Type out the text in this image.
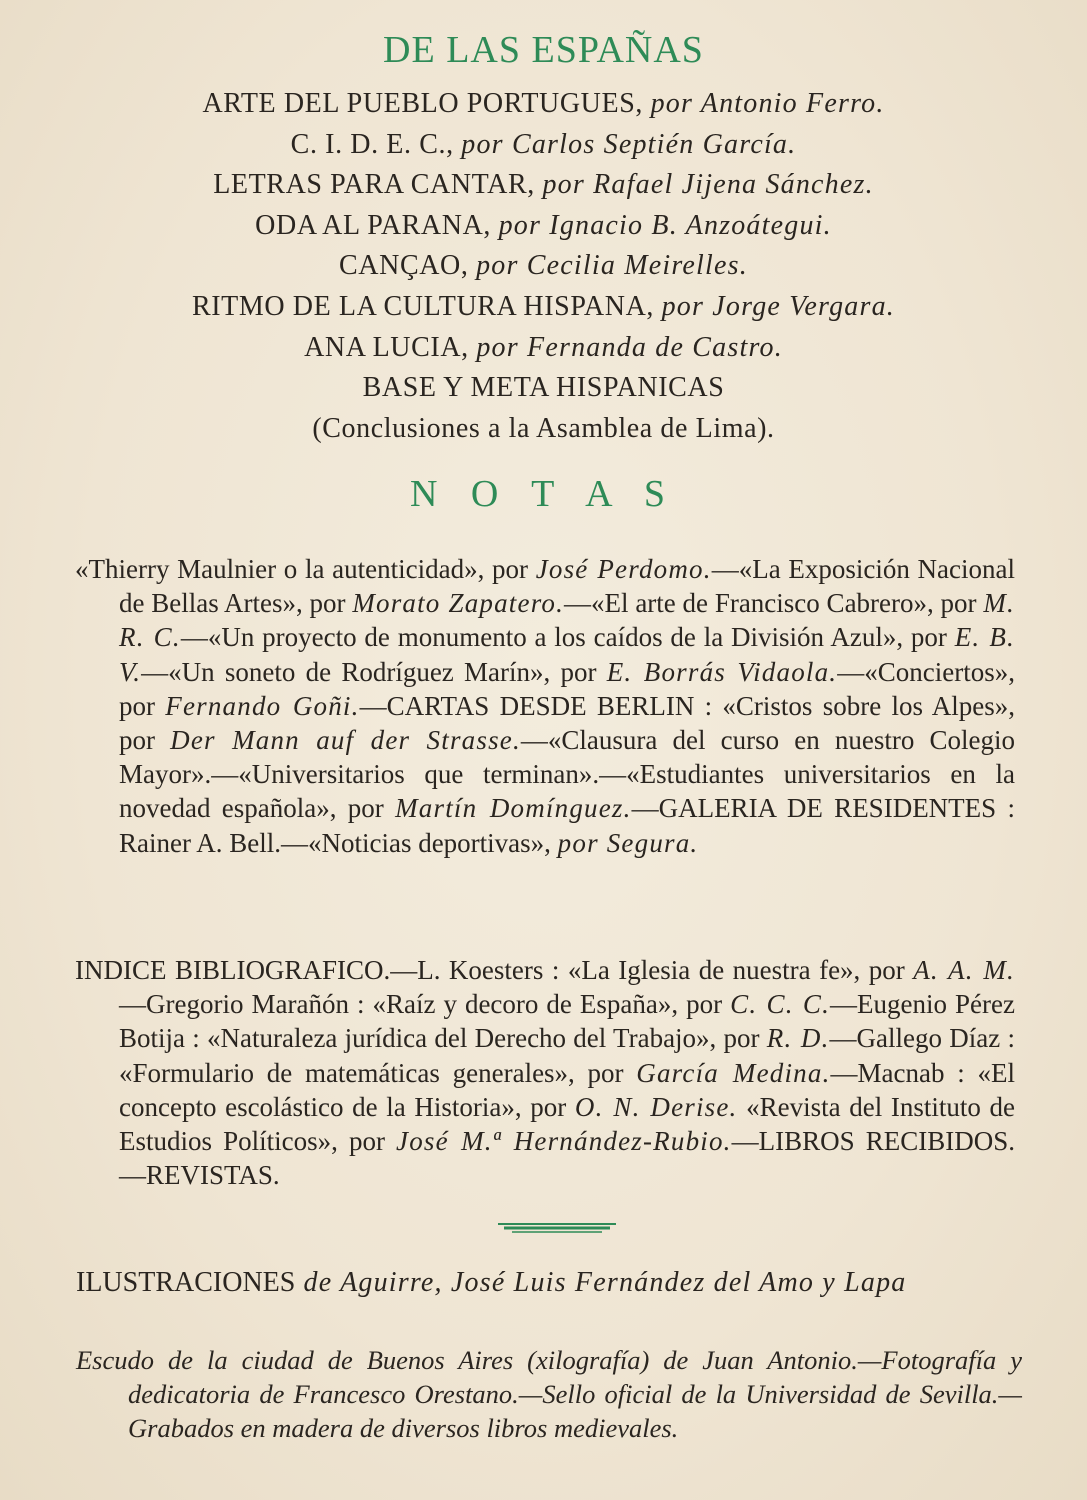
DE LAS ESPAÑAS
ARTE DEL PUEBLO PORTUGUES, por Antonio Ferro.
C. I. D. E. C., por Carlos Septién García.
LETRAS PARA CANTAR, por Rafael Jijena Sánchez.
ODA AL PARANA, por Ignacio B. Anzoátegui.
CANÇAO, por Cecilia Meirelles.
RITMO DE LA CULTURA HISPANA, por Jorge Vergara.
ANA LUCIA, por Fernanda de Castro.
BASE Y META HISPANICAS
(Conclusiones a la Asamblea de Lima).
N O T A S

«Thierry Maulnier o la autenticidad», por José Perdomo.—«La Exposición Nacional de Bellas Artes», por Morato Zapatero.—«El arte de Francisco Cabrero», por M. R. C.—«Un proyecto de monumento a los caídos de la División Azul», por E. B. V.—«Un soneto de Rodríguez Marín», por E. Borrás Vidaola.—«Conciertos», por Fernando Goñi.—CARTAS DESDE BERLIN : «Cristos sobre los Alpes», por Der Mann auf der Strasse.—«Clausura del curso en nuestro Colegio Mayor».—«Universitarios que terminan».—«Estudiantes universitarios en la novedad española», por Martín Domínguez.—GALERIA DE RESIDENTES : Rainer A. Bell.—«Noticias deportivas», por Segura.

INDICE BIBLIOGRAFICO.—L. Koesters : «La Iglesia de nuestra fe», por A. A. M.—Gregorio Marañón : «Raíz y decoro de España», por C. C. C.—Eugenio Pérez Botija : «Naturaleza jurídica del Derecho del Trabajo», por R. D.—Gallego Díaz : «Formulario de matemáticas generales», por García Medina.—Macnab : «El concepto escolástico de la Historia», por O. N. Derise. «Revista del Instituto de Estudios Políticos», por José M.ª Hernández-Rubio.—LIBROS RECIBIDOS.—REVISTAS.

ILUSTRACIONES de Aguirre, José Luis Fernández del Amo y Lapa

Escudo de la ciudad de Buenos Aires (xilografía) de Juan Antonio.—Fotografía y dedicatoria de Francesco Orestano.—Sello oficial de la Universidad de Sevilla.—Grabados en madera de diversos libros medievales.
